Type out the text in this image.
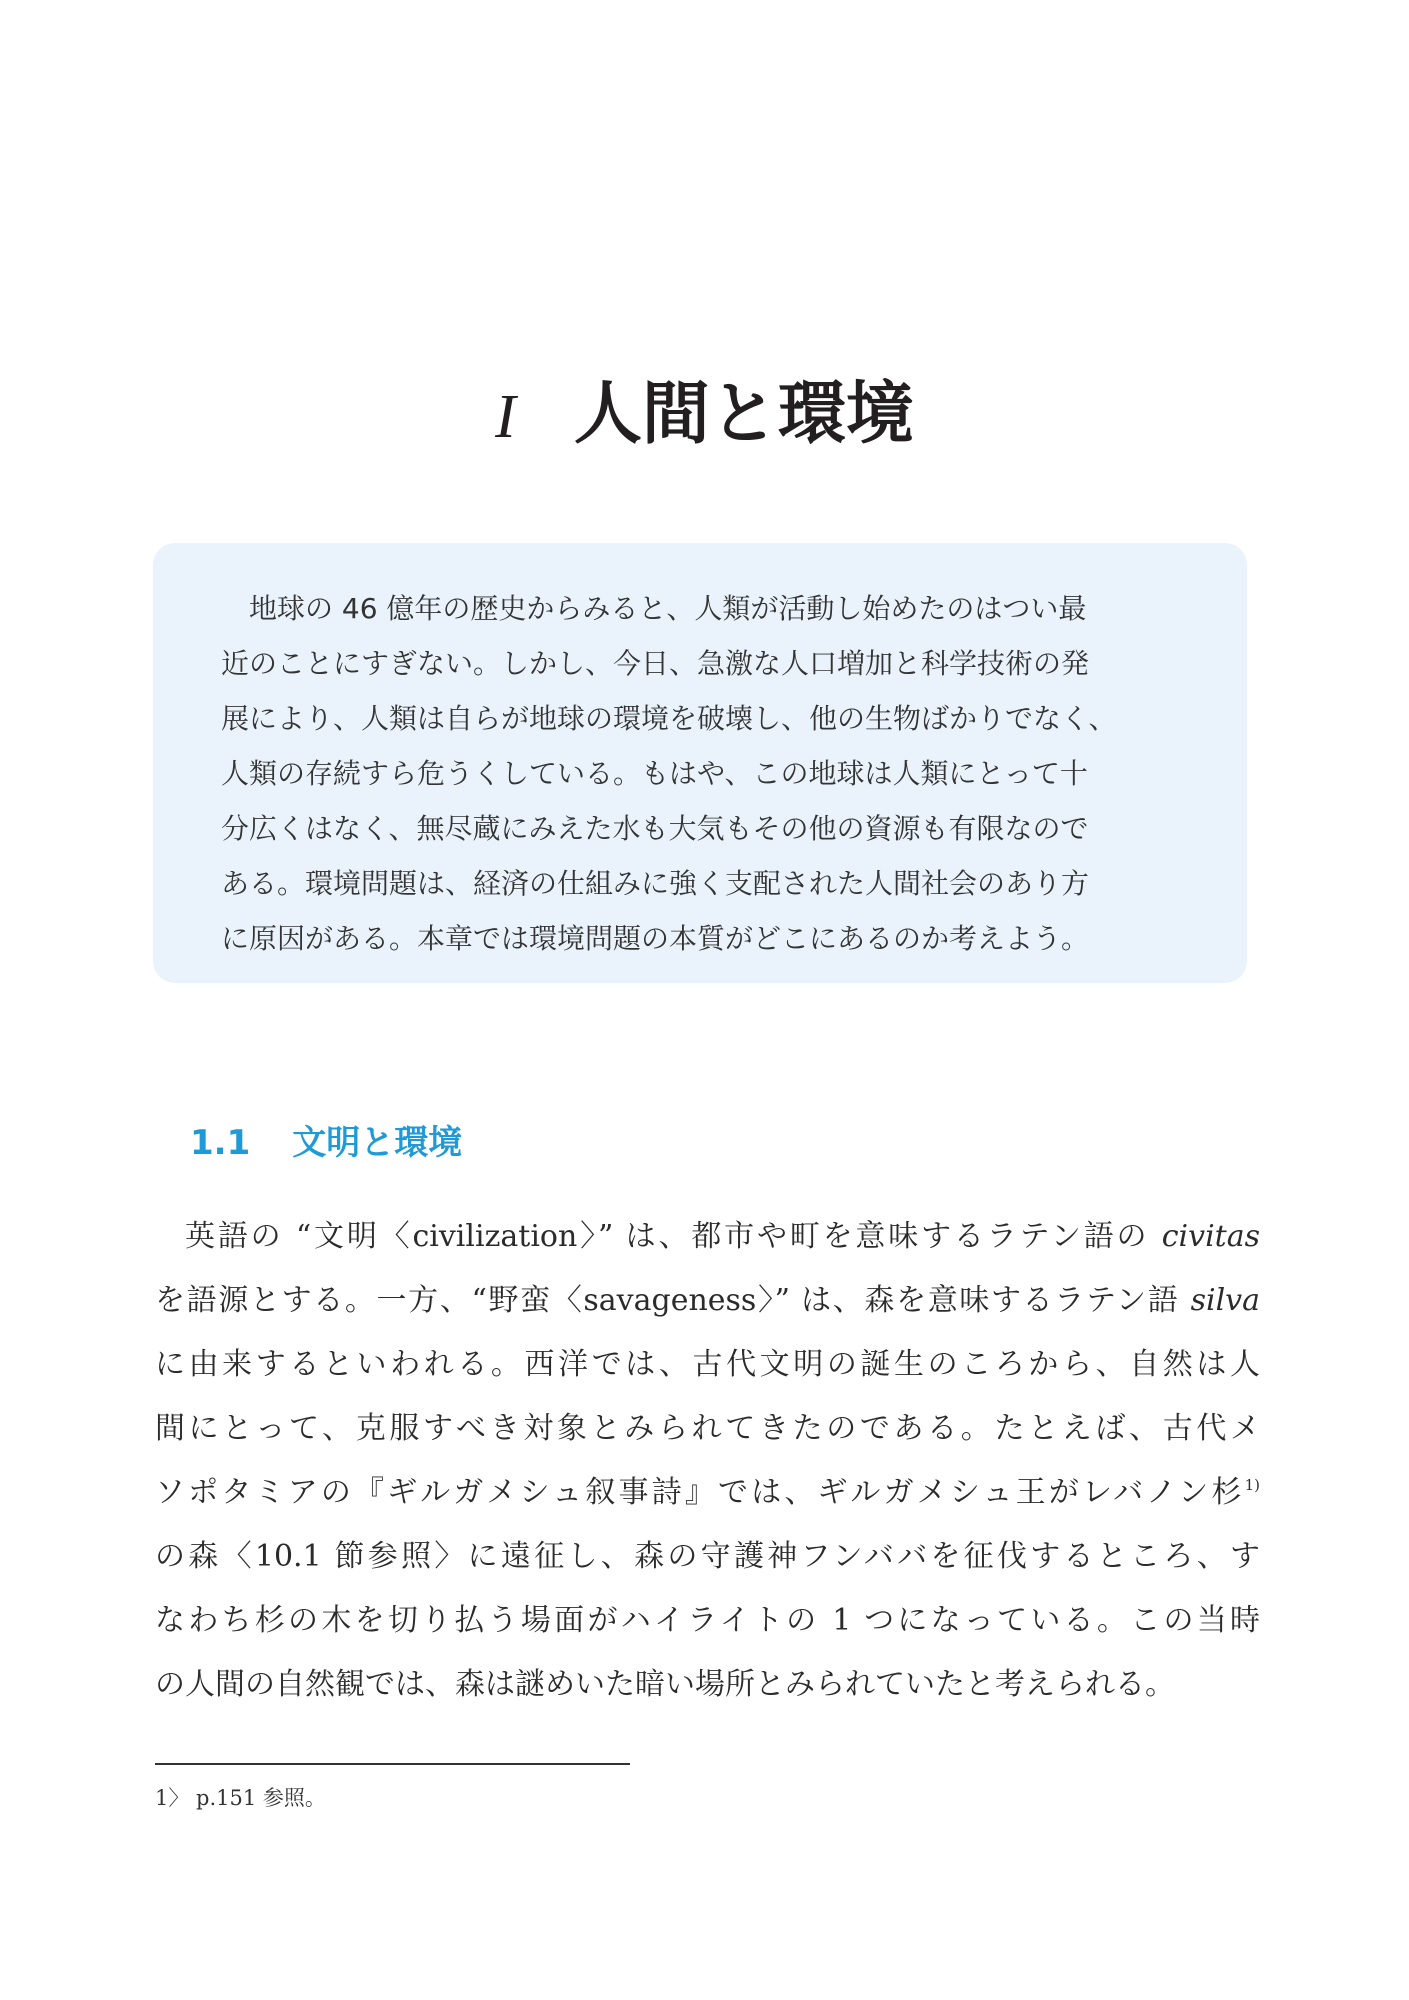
I 人間と環境

地球の 46 億年の歴史からみると、人類が活動し始めたのはつい最

近のことにすぎない。しかし、今日、急激な人口増加と科学技術の発

展により、人類は自らが地球の環境を破壊し、他の生物ばかりでなく、

人類の存続すら危うくしている。もはや、この地球は人類にとって十

分広くはなく、無尽蔵にみえた水も大気もその他の資源も有限なので

ある。環境問題は、経済の仕組みに強く支配された人間社会のあり方

に原因がある。本章では環境問題の本質がどこにあるのか考えよう。

1.1 文明と環境
英語の “文明〈civilization〉” は、都市や町を意味するラテン語の civitas
を語源とする。一方、“野蛮〈savageness〉” は、森を意味するラテン語 silva
に由来するといわれる。西洋では、古代文明の誕生のころから、自然は人
間にとって、克服すべき対象とみられてきたのである。たとえば、古代メ
ソポタミアの『ギルガメシュ叙事詩』では、ギルガメシュ王がレバノン杉$^{1)}$
の森〈10.1 節参照〉に遠征し、森の守護神フンババを征伐するところ、す
なわち杉の木を切り払う場面がハイライトの 1 つになっている。この当時
の人間の自然観では、森は謎めいた暗い場所とみられていたと考えられる。
1〉 p.151 参照。
